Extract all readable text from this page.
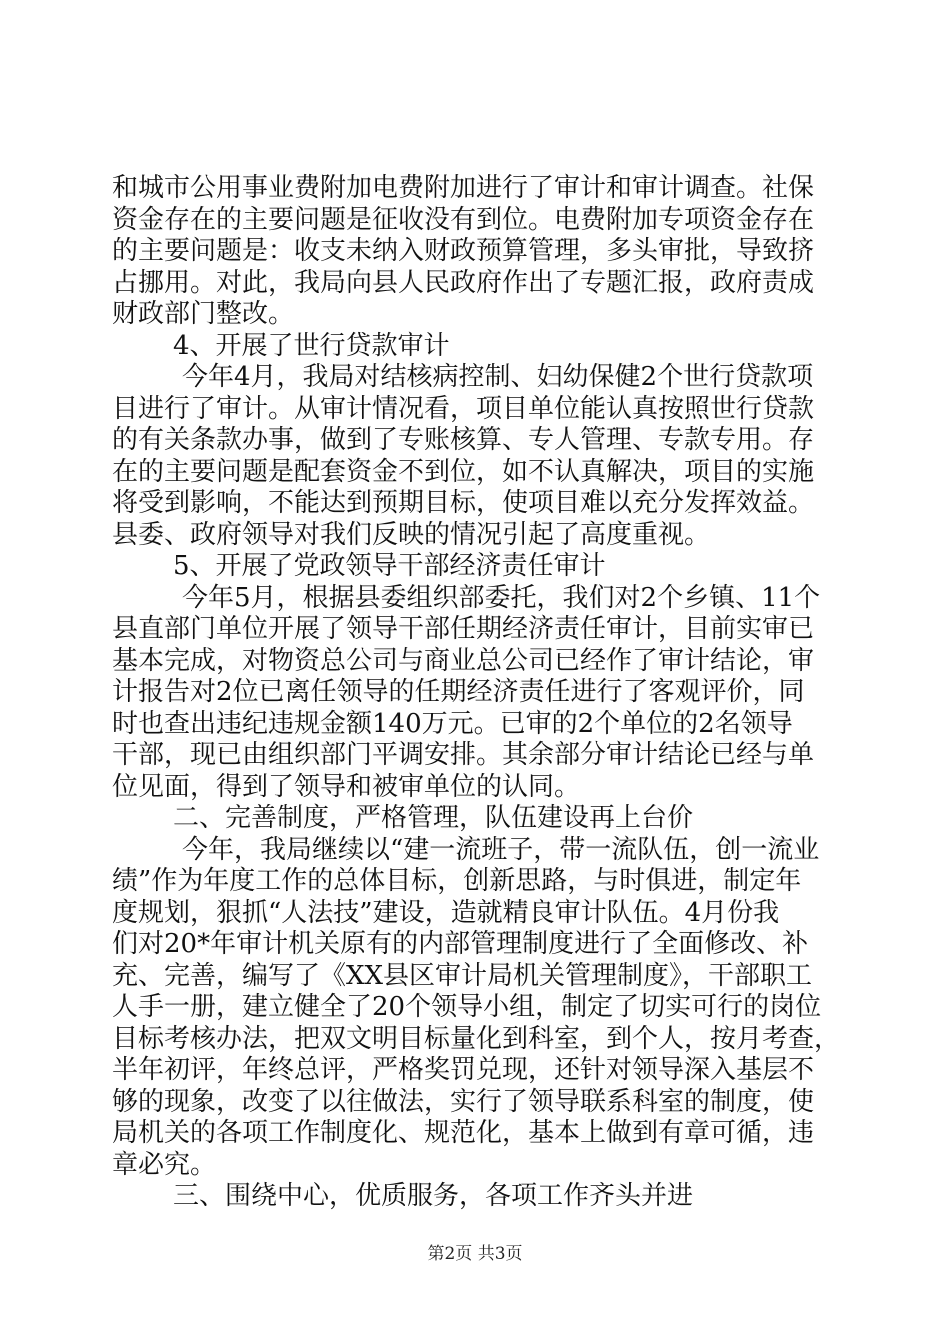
和城市公用事业费附加电费附加进行了审计和审计调查。社保
资金存在的主要问题是征收没有到位。电费附加专项资金存在
的主要问题是：收支未纳入财政预算管理，多头审批，导致挤
占挪用。对此，我局向县人民政府作出了专题汇报，政府责成
财政部门整改。
4、开展了世行贷款审计
今年4月，我局对结核病控制、妇幼保健2个世行贷款项
目进行了审计。从审计情况看，项目单位能认真按照世行贷款
的有关条款办事，做到了专账核算、专人管理、专款专用。存
在的主要问题是配套资金不到位，如不认真解决，项目的实施
将受到影响，不能达到预期目标，使项目难以充分发挥效益。
县委、政府领导对我们反映的情况引起了高度重视。
5、开展了党政领导干部经济责任审计
今年5月，根据县委组织部委托，我们对2个乡镇、11个
县直部门单位开展了领导干部任期经济责任审计，目前实审已
基本完成，对物资总公司与商业总公司已经作了审计结论，审
计报告对2位已离任领导的任期经济责任进行了客观评价，同
时也查出违纪违规金额140万元。已审的2个单位的2名领导
干部，现已由组织部门平调安排。其余部分审计结论已经与单
位见面，得到了领导和被审单位的认同。
二、完善制度，严格管理，队伍建设再上台价
今年，我局继续以“建一流班子，带一流队伍，创一流业
绩”作为年度工作的总体目标，创新思路，与时俱进，制定年
度规划，狠抓“人法技”建设，造就精良审计队伍。4月份我
们对20*年审计机关原有的内部管理制度进行了全面修改、补
充、完善，编写了《XX县区审计局机关管理制度》，干部职工
人手一册，建立健全了20个领导小组，制定了切实可行的岗位
目标考核办法，把双文明目标量化到科室，到个人，按月考查，
半年初评，年终总评，严格奖罚兑现，还针对领导深入基层不
够的现象，改变了以往做法，实行了领导联系科室的制度，使
局机关的各项工作制度化、规范化，基本上做到有章可循，违
章必究。
三、围绕中心，优质服务，各项工作齐头并进
第2页 共3页
